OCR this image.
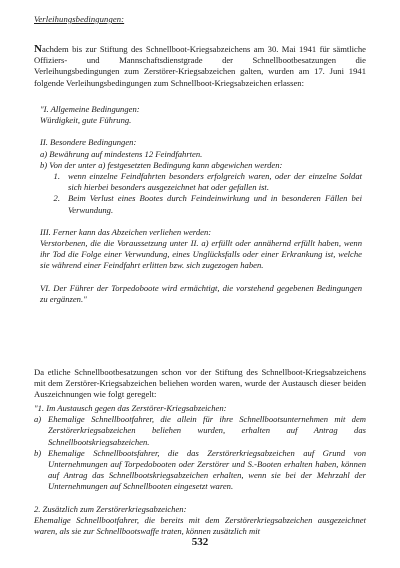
Verleihungsbedingungen:

Nachdem bis zur Stiftung des Schnellboot-Kriegsabzeichens am 30. Mai 1941 für sämtliche Offiziers- und Mannschaftsdienstgrade der Schnellbootbesatzungen die Verleihungsbedingungen zum Zerstörer-Kriegsabzeichen galten, wurden am 17. Juni 1941 folgende Verleihungsbedingungen zum Schnellboot-Kriegsabzeichen erlassen:

"I. Allgemeine Bedingungen:

Würdigkeit, gute Führung.

II. Besondere Bedingungen:

a) Bewährung auf mindestens 12 Feindfahrten.

b) Von der unter a) festgesetzten Bedingung kann abgewichen werden:

1. wenn einzelne Feindfahrten besonders erfolgreich waren, oder der einzelne Soldat sich hierbei besonders ausgezeichnet hat oder gefallen ist.
2. Beim Verlust eines Bootes durch Feindeinwirkung und in besonderen Fällen bei Verwundung.

III. Ferner kann das Abzeichen verliehen werden:

Verstorbenen, die die Voraussetzung unter II. a) erfüllt oder annähernd erfüllt haben, wenn ihr Tod die Folge einer Verwundung, eines Unglücksfalls oder einer Erkrankung ist, welche sie während einer Feindfahrt erlitten bzw. sich zugezogen haben.

VI. Der Führer der Torpedoboote wird ermächtigt, die vorstehend gegebenen Bedingungen zu ergänzen."

Da etliche Schnellbootbesatzungen schon vor der Stiftung des Schnellboot-Kriegsabzeichens mit dem Zerstörer-Kriegsabzeichen beliehen worden waren, wurde der Austausch dieser beiden Auszeichnungen wie folgt geregelt:

"1. Im Austausch gegen das Zerstörer-Kriegsabzeichen:

a) Ehemalige Schnellbootfahrer, die allein für ihre Schnellbootsunternehmen mit dem Zerstörerkriegsabzeichen beliehen wurden, erhalten auf Antrag das Schnellbootskriegsabzeichen.
b) Ehemalige Schnellbootsfahrer, die das Zerstörerkriegsabzeichen auf Grund von Unternehmungen auf Torpedobooten oder Zerstörer und S.-Booten erhalten haben, können auf Antrag das Schnellbootskriegsabzeichen erhalten, wenn sie bei der Mehrzahl der Unternehmungen auf Schnellbooten eingesetzt waren.

2. Zusätzlich zum Zerstörerkriegsabzeichen:

Ehemalige Schnellbootfahrer, die bereits mit dem Zerstörerkriegsabzeichen ausgezeichnet waren, als sie zur Schnellbootswaffe traten, können zusätzlich mit

532
